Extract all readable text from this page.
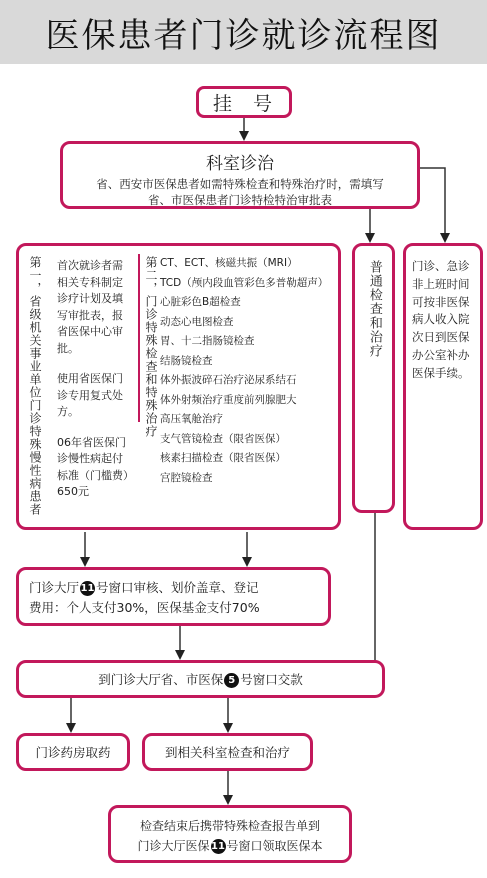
医保患者门诊就诊流程图
挂  号
科室诊治
省、西安市医保患者如需特殊检查和特殊治疗时，需填写
省、市医保患者门诊特检特治审批表
第一，省级机关事业单位门诊特殊慢性病患者 首次就诊者需
相关专科制定
诊疗计划及填
写审批表，报
省医保中心审
批。
使用省医保门
诊专用复式处
方。
06年省医保门
诊慢性病起付
标准（门槛费）
650元
第二，门诊特殊检查和特殊治疗 CT、ECT、核磁共振（MRI）
TCD（颅内段血管彩色多普勒超声）
心脏彩色B超检查
动态心电图检查
胃、十二指肠镜检查
结肠镜检查
体外振波碎石治疗泌尿系结石
体外射频治疗重度前列腺肥大
高压氧舱治疗
支气管镜检查（限省医保）
核素扫描检查（限省医保）
宫腔镜检查
普通检查和治疗	门诊、急诊
非上班时间
可按非医保
病人收入院
次日到医保
办公室补办
医保手续。
门诊大厅 11 号窗口审核、划价盖章、登记
费用：个人支付30%，医保基金支付70%
到门诊大厅省、市医保 5 号窗口交款
门诊药房取药	到相关科室检查和治疗
检查结束后携带特殊检查报告单到
门诊大厅医保 11 号窗口领取医保本
